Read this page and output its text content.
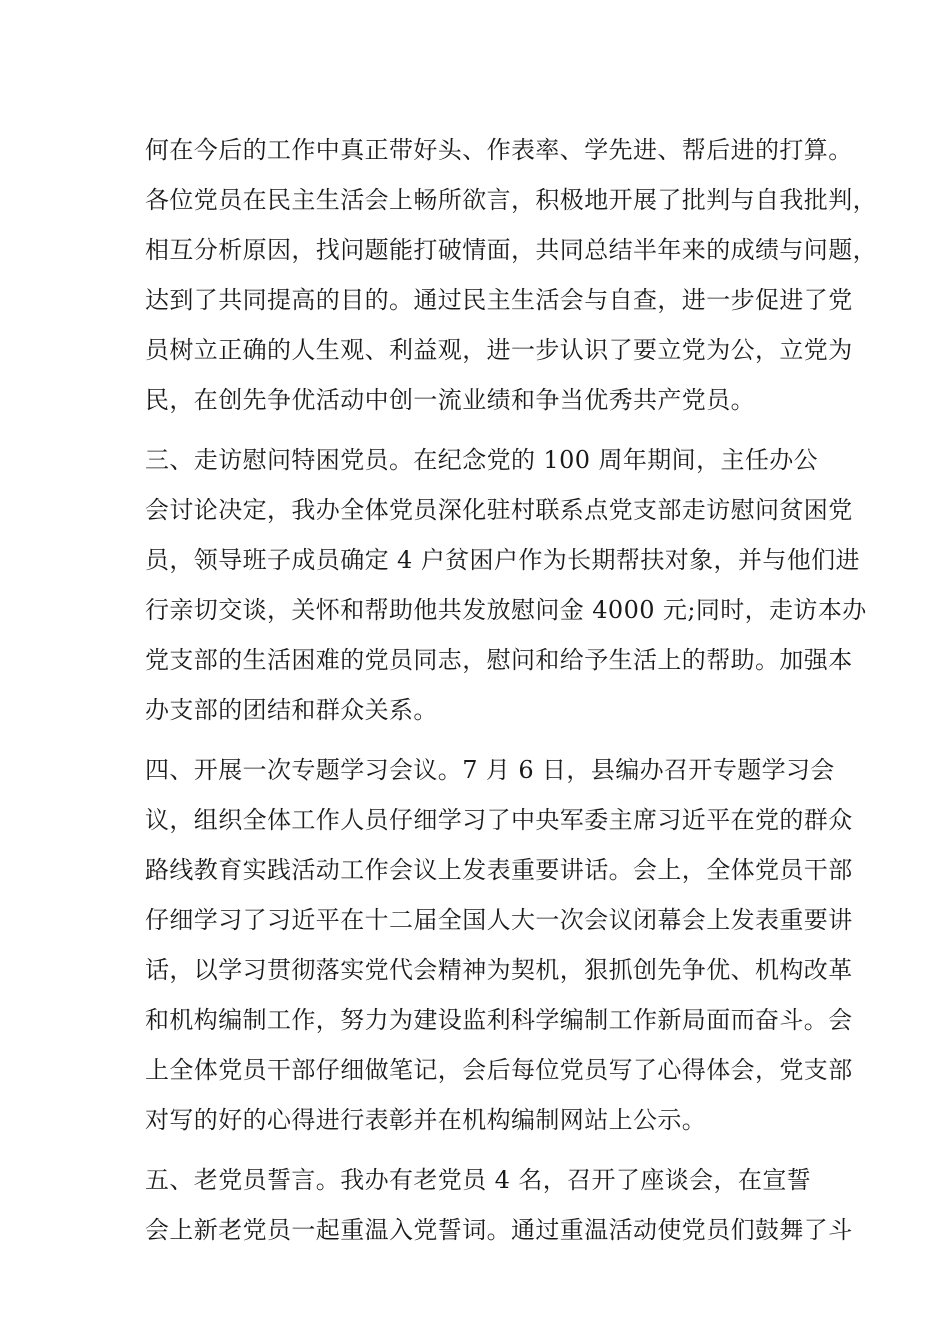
何在今后的工作中真正带好头、作表率、学先进、帮后进的打算。
各位党员在民主生活会上畅所欲言，积极地开展了批判与自我批判，
相互分析原因，找问题能打破情面，共同总结半年来的成绩与问题，
达到了共同提高的目的。通过民主生活会与自查，进一步促进了党
员树立正确的人生观、利益观，进一步认识了要立党为公，立党为
民，在创先争优活动中创一流业绩和争当优秀共产党员。
三、走访慰问特困党员。在纪念党的 100 周年期间，主任办公
会讨论决定，我办全体党员深化驻村联系点党支部走访慰问贫困党
员，领导班子成员确定 4 户贫困户作为长期帮扶对象，并与他们进
行亲切交谈，关怀和帮助他共发放慰问金 4000 元;同时，走访本办
党支部的生活困难的党员同志，慰问和给予生活上的帮助。加强本
办支部的团结和群众关系。
四、开展一次专题学习会议。7 月 6 日，县编办召开专题学习会
议，组织全体工作人员仔细学习了中央军委主席习近平在党的群众
路线教育实践活动工作会议上发表重要讲话。会上，全体党员干部
仔细学习了习近平在十二届全国人大一次会议闭幕会上发表重要讲
话，以学习贯彻落实党代会精神为契机，狠抓创先争优、机构改革
和机构编制工作，努力为建设监利科学编制工作新局面而奋斗。会
上全体党员干部仔细做笔记，会后每位党员写了心得体会，党支部
对写的好的心得进行表彰并在机构编制网站上公示。
五、老党员誓言。我办有老党员 4 名，召开了座谈会，在宣誓
会上新老党员一起重温入党誓词。通过重温活动使党员们鼓舞了斗
